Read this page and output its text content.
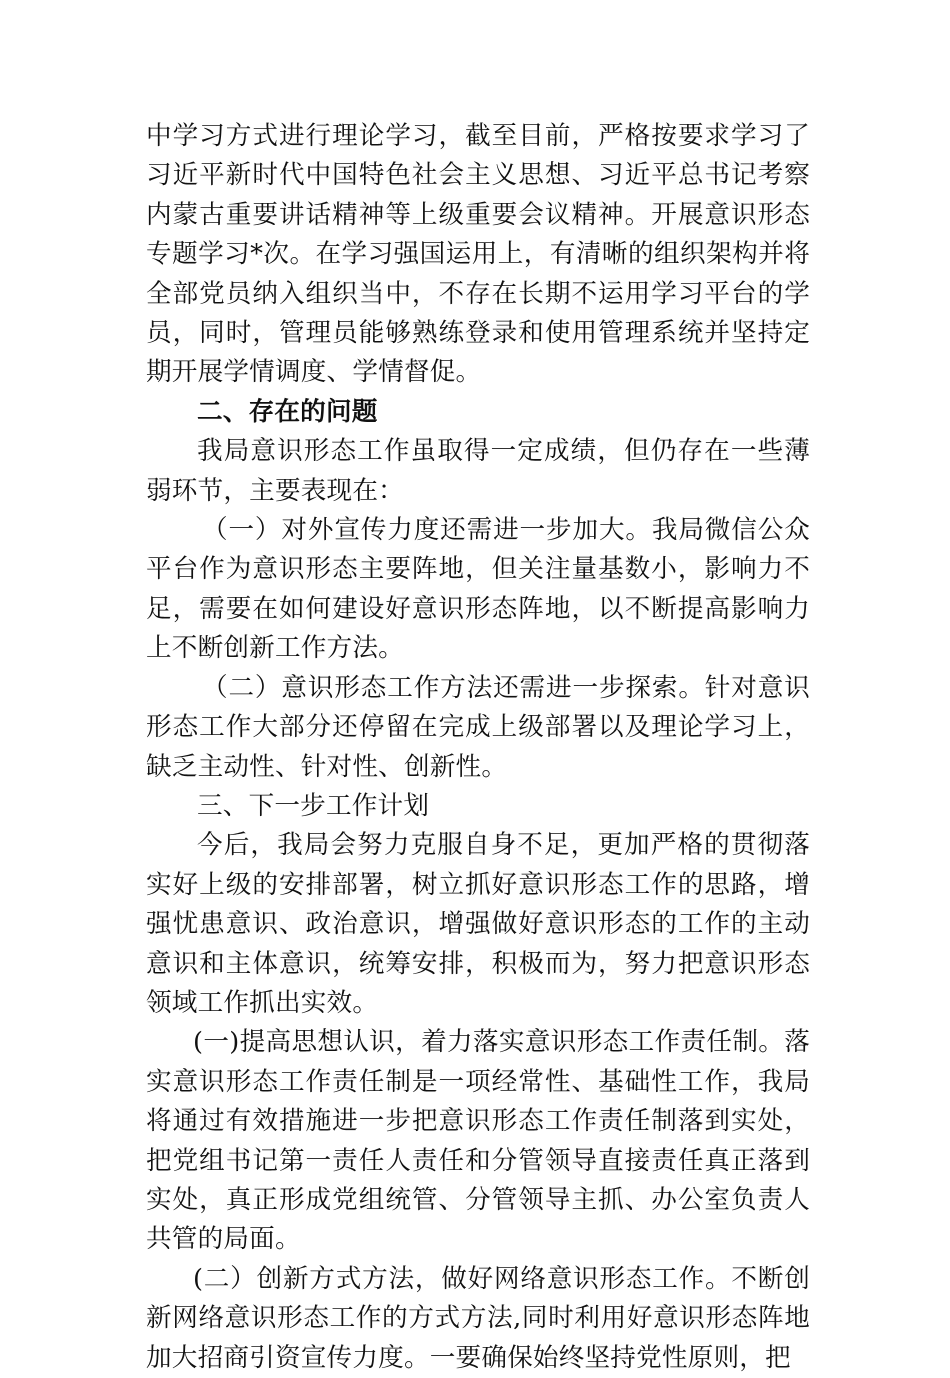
中学习方式进行理论学习，截至目前，严格按要求学习了习近平新时代中国特色社会主义思想、习近平总书记考察内蒙古重要讲话精神等上级重要会议精神。开展意识形态专题学习*次。在学习强国运用上，有清晰的组织架构并将全部党员纳入组织当中，不存在长期不运用学习平台的学员，同时，管理员能够熟练登录和使用管理系统并坚持定期开展学情调度、学情督促。

二、存在的问题

我局意识形态工作虽取得一定成绩，但仍存在一些薄弱环节，主要表现在：

（一）对外宣传力度还需进一步加大。我局微信公众平台作为意识形态主要阵地，但关注量基数小，影响力不足，需要在如何建设好意识形态阵地，以不断提高影响力上不断创新工作方法。

（二）意识形态工作方法还需进一步探索。针对意识形态工作大部分还停留在完成上级部署以及理论学习上，缺乏主动性、针对性、创新性。

三、下一步工作计划

今后，我局会努力克服自身不足，更加严格的贯彻落实好上级的安排部署，树立抓好意识形态工作的思路，增强忧患意识、政治意识，增强做好意识形态的工作的主动意识和主体意识，统筹安排，积极而为，努力把意识形态领域工作抓出实效。

(一)提高思想认识，着力落实意识形态工作责任制。落实意识形态工作责任制是一项经常性、基础性工作，我局将通过有效措施进一步把意识形态工作责任制落到实处，把党组书记第一责任人责任和分管领导直接责任真正落到实处，真正形成党组统管、分管领导主抓、办公室负责人共管的局面。

(二）创新方式方法，做好网络意识形态工作。不断创新网络意识形态工作的方式方法,同时利用好意识形态阵地加大招商引资宣传力度。一要确保始终坚持党性原则，把
